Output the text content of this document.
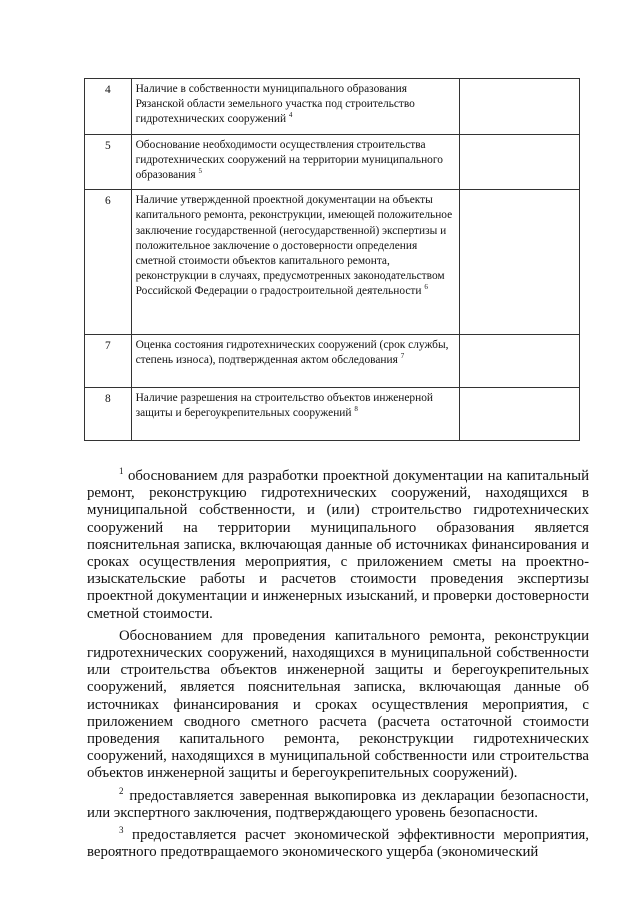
4	Наличие в собственности муниципального образования Рязанской области земельного участка под строительство гидротехнических сооружений $^4$	
5	Обоснование необходимости осуществления строительства гидротехнических сооружений на территории муниципального образования $^5$	
6	Наличие утвержденной проектной документации на объекты капитального ремонта, реконструкции, имеющей положительное заключение государственной (негосударственной) экспертизы и положительное заключение о достоверности определения сметной стоимости объектов капитального ремонта, реконструкции в случаях, предусмотренных законодательством Российской Федерации о градостроительной деятельности $^6$	
7	Оценка состояния гидротехнических сооружений (срок службы, степень износа), подтвержденная актом обследования $^7$	
8	Наличие разрешения на строительство объектов инженерной защиты и берегоукрепительных сооружений $^8$	

$^1$ обоснованием для разработки проектной документации на капитальный ремонт, реконструкцию гидротехнических сооружений, находящихся в муниципальной собственности, и (или) строительство гидротехнических сооружений на территории муниципального образования является пояснительная записка, включающая данные об источниках финансирования и сроках осуществления мероприятия, с приложением сметы на проектно-изыскательские работы и расчетов стоимости проведения экспертизы проектной документации и инженерных изысканий, и проверки достоверности сметной стоимости.

Обоснованием для проведения капитального ремонта, реконструкции гидротехнических сооружений, находящихся в муниципальной собственности или строительства объектов инженерной защиты и берегоукрепительных сооружений, является пояснительная записка, включающая данные об источниках финансирования и сроках осуществления мероприятия, с приложением сводного сметного расчета (расчета остаточной стоимости проведения капитального ремонта, реконструкции гидротехнических сооружений, находящихся в муниципальной собственности или строительства объектов инженерной защиты и берегоукрепительных сооружений).

$^2$ предоставляется заверенная выкопировка из декларации безопасности, или экспертного заключения, подтверждающего уровень безопасности.

$^3$ предоставляется расчет экономической эффективности мероприятия, вероятного предотвращаемого экономического ущерба (экономический
